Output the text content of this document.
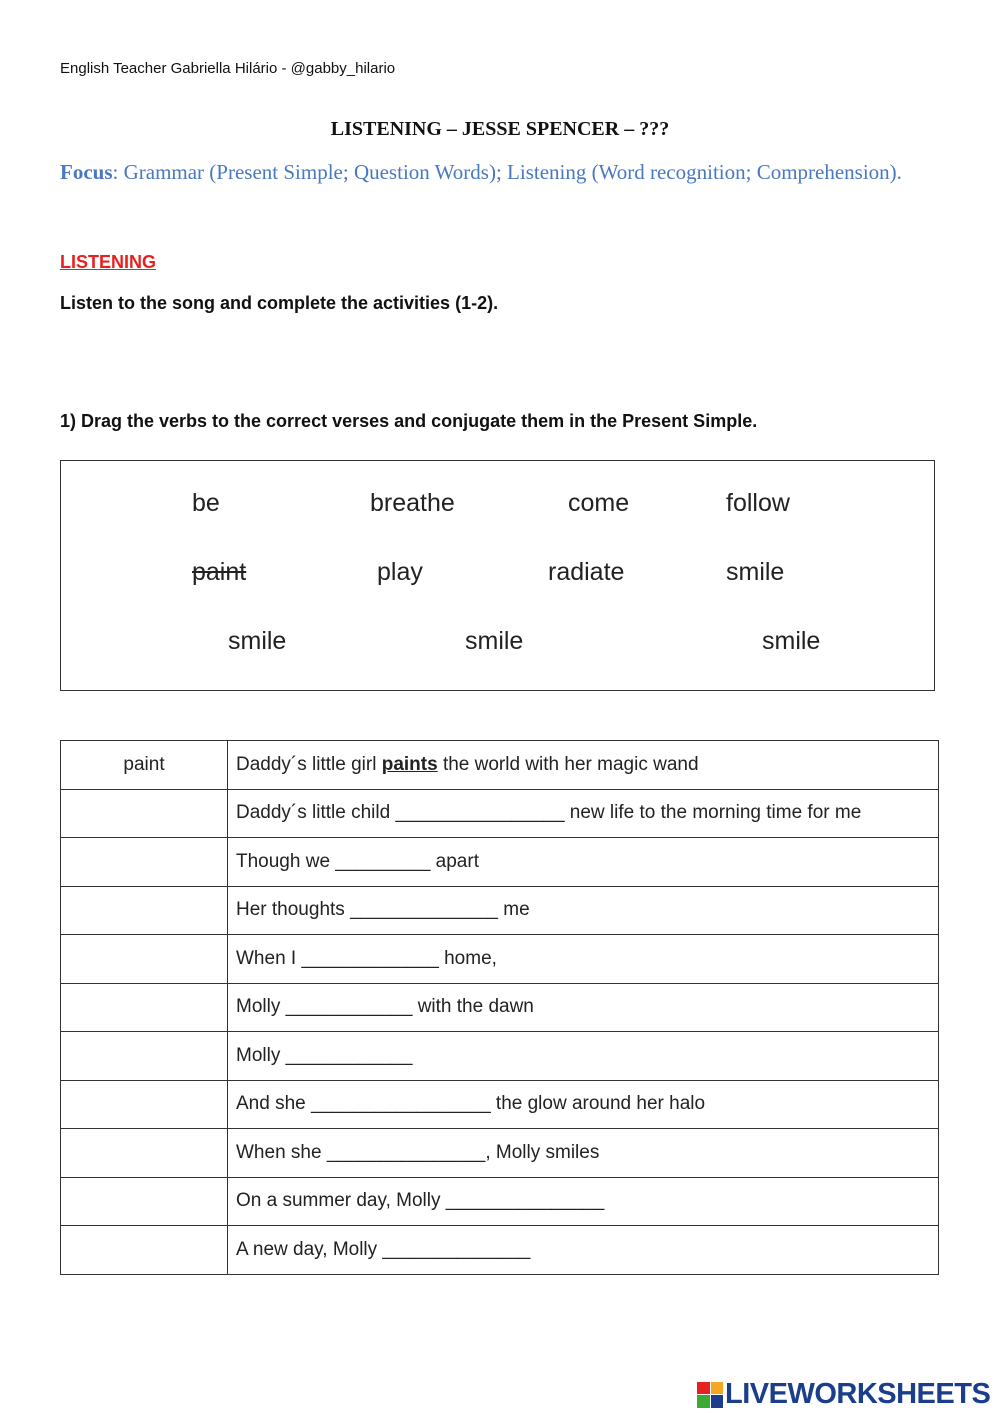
English Teacher Gabriella Hilário - @gabby_hilario
LISTENING – JESSE SPENCER – ???
Focus: Grammar (Present Simple; Question Words); Listening (Word recognition; Comprehension).
LISTENING
Listen to the song and complete the activities (1-2).
1) Drag the verbs to the correct verses and conjugate them in the Present Simple.
be	breathe	come	follow
paint	play	radiate	smile
smile	smile	smile
paint	Daddy´s little girl paints the world with her magic wand
	Daddy´s little child ________________ new life to the morning time for me
	Though we _________ apart
	Her thoughts ______________ me
	When I _____________ home,
	Molly ____________ with the dawn
	Molly ____________
	And she _________________ the glow around her halo
	When she _______________, Molly smiles
	On a summer day, Molly _______________
	A new day, Molly ______________
LIVEWORKSHEETS
